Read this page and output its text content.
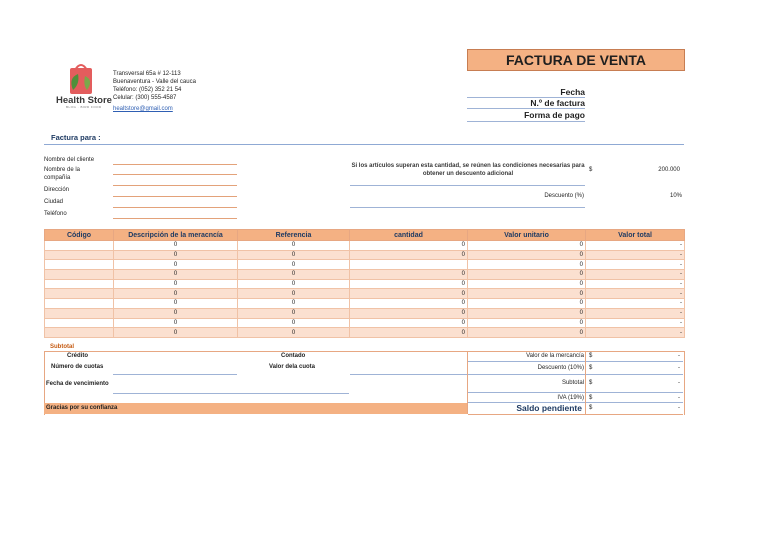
Health Store
BLOG · BIRD FOOD
Transversal 65a # 12-113
Buenaventura - Valle del cauca
Teléfono: (052) 352 21 54
Celular: (300) 555-4587
healtstore@gmail.com
FACTURA DE VENTA
Fecha
N.º de factura
Forma de pago
Factura para :
Nombre del cliente
Nombre de la compañía
Dirección
Ciudad
Teléfono
Si los artículos superan esta cantidad, se reúnen las condiciones necesarias para obtener un descuento adicional
$	200.000
Descuento (%)	10%
Código	Descripción de la meracncía	Referencia	cantidad	Valor unitario	Valor total
	0	0	0	0	-
	0	0	0	0	-
	0	0		0	-
	0	0	0	0	-
	0	0	0	0	-
	0	0	0	0	-
	0	0	0	0	-
	0	0	0	0	-
	0	0	0	0	-
	0	0	0	0	-
Subtotal
Crédito	Contado
Número de cuotas	Valor dela cuota
Fecha de vencimiento
Gracias por su confianza
Valor de la mercancía $	-
Descuento (10%) $	-
Subtotal $	-
IVA (19%) $	-
Saldo pendiente $	-
